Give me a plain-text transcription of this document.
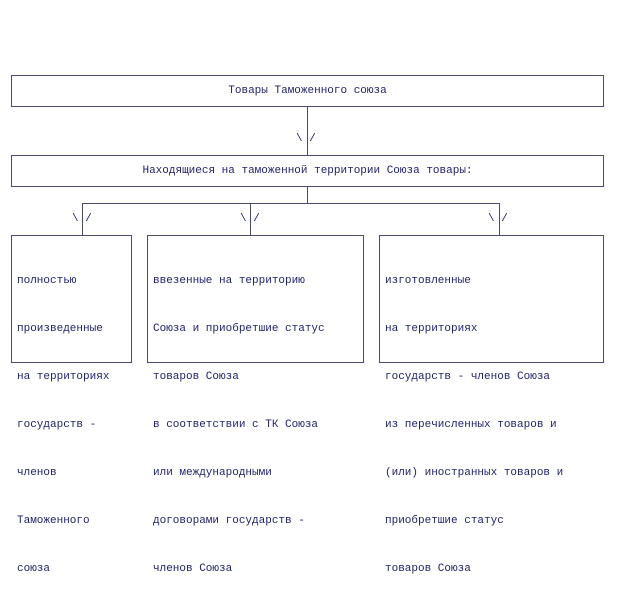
Товары Таможенного союза
\ /
Находящиеся на таможенной территории Союза товары:
\ /	\ /	\ /

полностью

произведенные

на территориях

государств -

членов

Таможенного

союза

ввезенные на территорию

Союза и приобретшие статус

товаров Союза

в соответствии с ТК Союза

или международными

договорами государств -

членов Союза

изготовленные

на территориях

государств - членов Союза

из перечисленных товаров и

(или) иностранных товаров и

приобретшие статус

товаров Союза
